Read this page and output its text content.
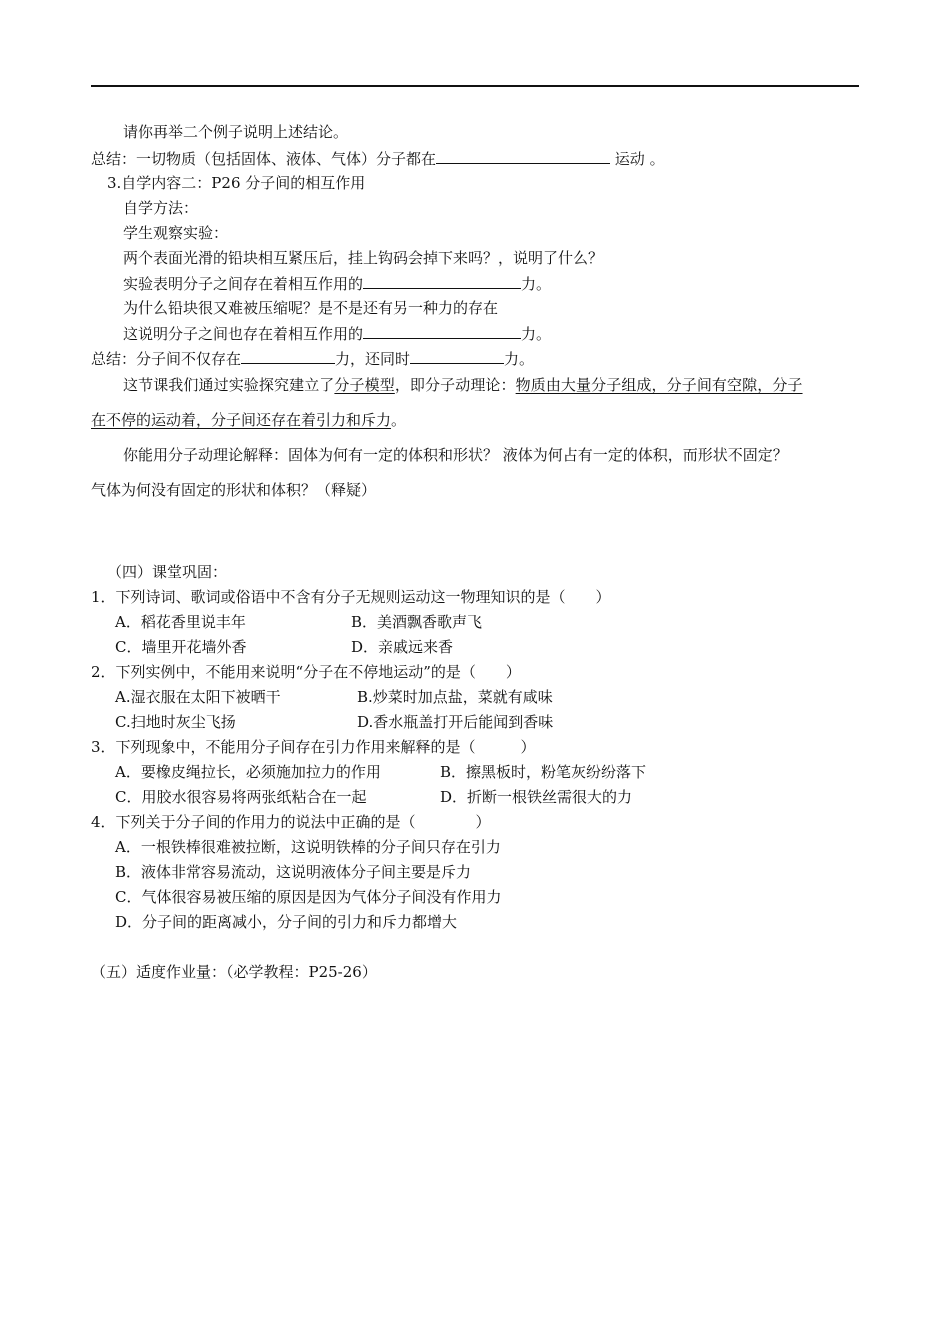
请你再举二个例子说明上述结论。
总结：一切物质（包括固体、液体、气体）分子都在	运动 。
3.自学内容二：P26 分子间的相互作用
自学方法：
学生观察实验：
两个表面光滑的铅块相互紧压后，挂上钩码会掉下来吗？，说明了什么？
实验表明分子之间存在着相互作用的	力。
为什么铅块很又难被压缩呢？是不是还有另一种力的存在
这说明分子之间也存在着相互作用的	力。
总结：分子间不仅存在	力，还同时	力。
这节课我们通过实验探究建立了分子模型，即分子动理论：物质由大量分子组成，分子间有空隙，分子
在不停的运动着，分子间还存在着引力和斥力。
你能用分子动理论解释：固体为何有一定的体积和形状？ 液体为何占有一定的体积，而形状不固定？
气体为何没有固定的形状和体积？（释疑）
（四）课堂巩固：
1．下列诗词、歌词或俗语中不含有分子无规则运动这一物理知识的是（　　）
A．稻花香里说丰年	B．美酒飘香歌声飞
C．墙里开花墙外香	D．亲戚远来香
2．下列实例中，不能用来说明“分子在不停地运动”的是（　　）
A.湿衣服在太阳下被晒干	B.炒菜时加点盐，菜就有咸味
C.扫地时灰尘飞扬	D.香水瓶盖打开后能闻到香味
3．下列现象中，不能用分子间存在引力作用来解释的是（　　　）
A．要橡皮绳拉长，必须施加拉力的作用	B．擦黑板时，粉笔灰纷纷落下
C．用胶水很容易将两张纸粘合在一起	D．折断一根铁丝需很大的力
4．下列关于分子间的作用力的说法中正确的是（　　　　）
A．一根铁棒很难被拉断，这说明铁棒的分子间只存在引力
B．液体非常容易流动，这说明液体分子间主要是斥力
C．气体很容易被压缩的原因是因为气体分子间没有作用力
D．分子间的距离减小，分子间的引力和斥力都增大
（五）适度作业量：（必学教程：P25-26）
